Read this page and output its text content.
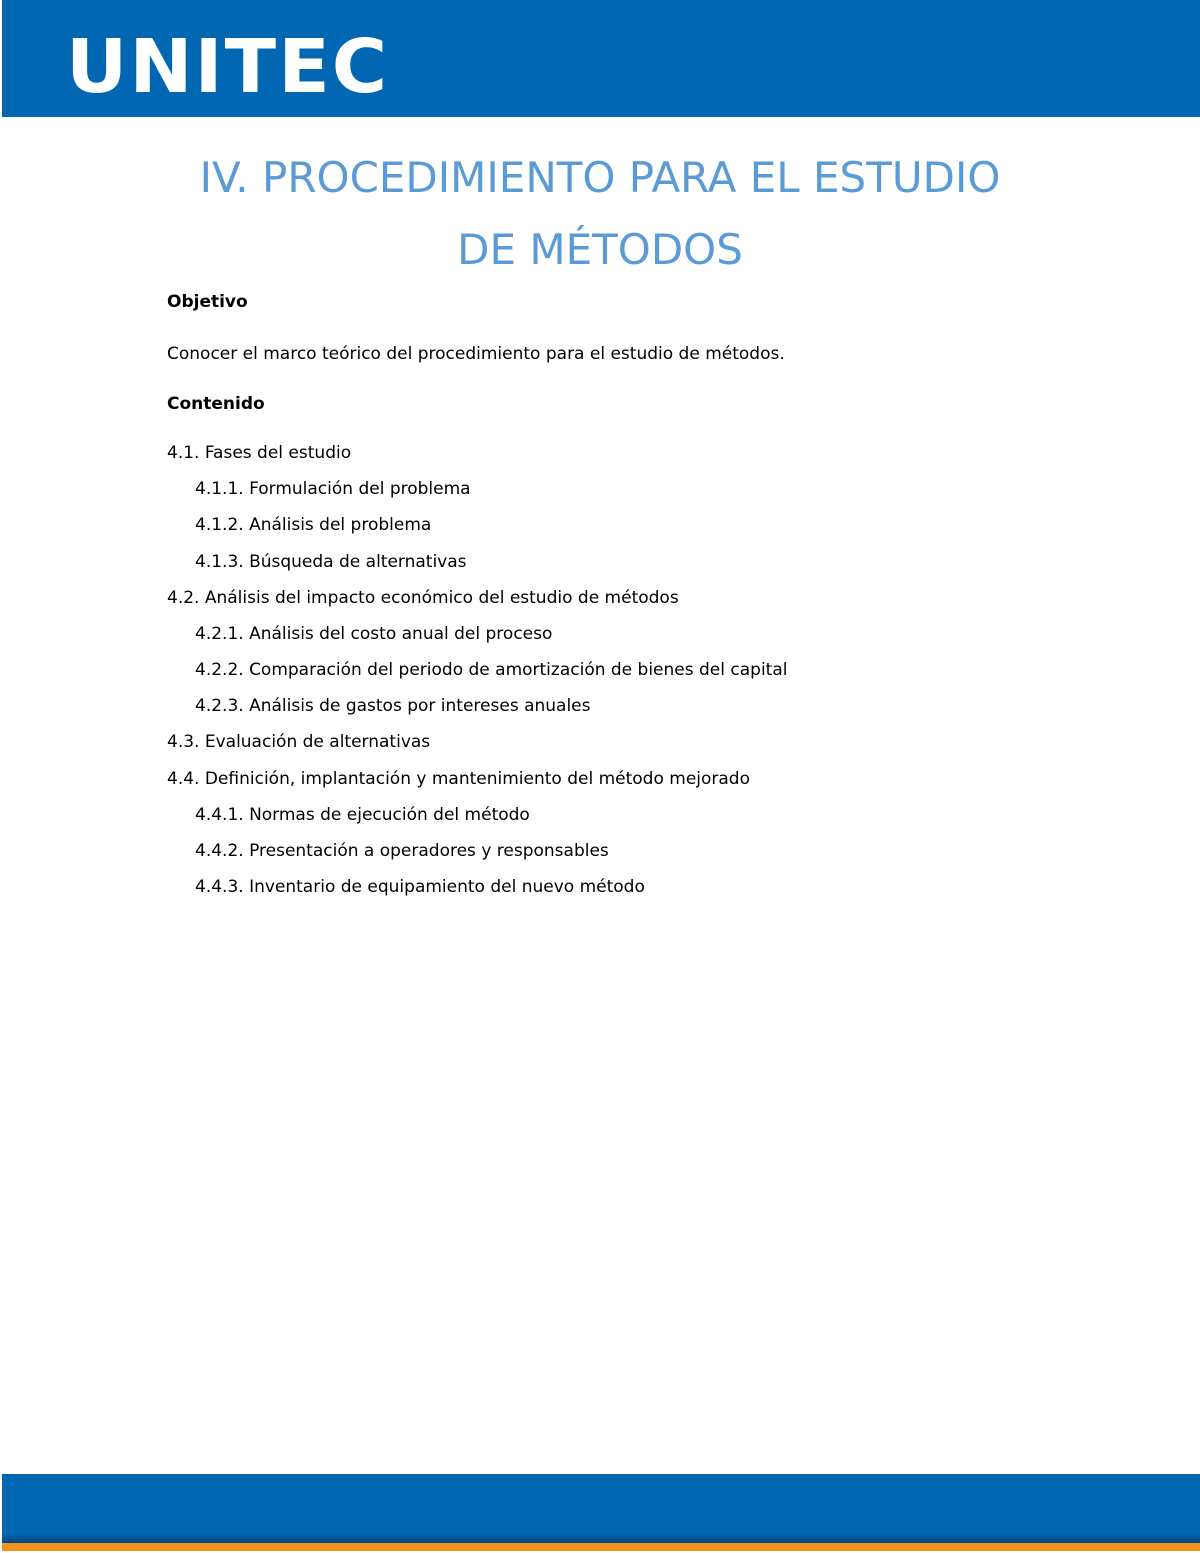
UNITEC
IV. PROCEDIMIENTO PARA EL ESTUDIO
DE MÉTODOS

Objetivo

Conocer el marco teórico del procedimiento para el estudio de métodos.

Contenido

4.1. Fases del estudio
4.1.1. Formulación del problema
4.1.2. Análisis del problema
4.1.3. Búsqueda de alternativas
4.2. Análisis del impacto económico del estudio de métodos
4.2.1. Análisis del costo anual del proceso
4.2.2. Comparación del periodo de amortización de bienes del capital
4.2.3. Análisis de gastos por intereses anuales
4.3. Evaluación de alternativas
4.4. Definición, implantación y mantenimiento del método mejorado
4.4.1. Normas de ejecución del método
4.4.2. Presentación a operadores y responsables
4.4.3. Inventario de equipamiento del nuevo método
